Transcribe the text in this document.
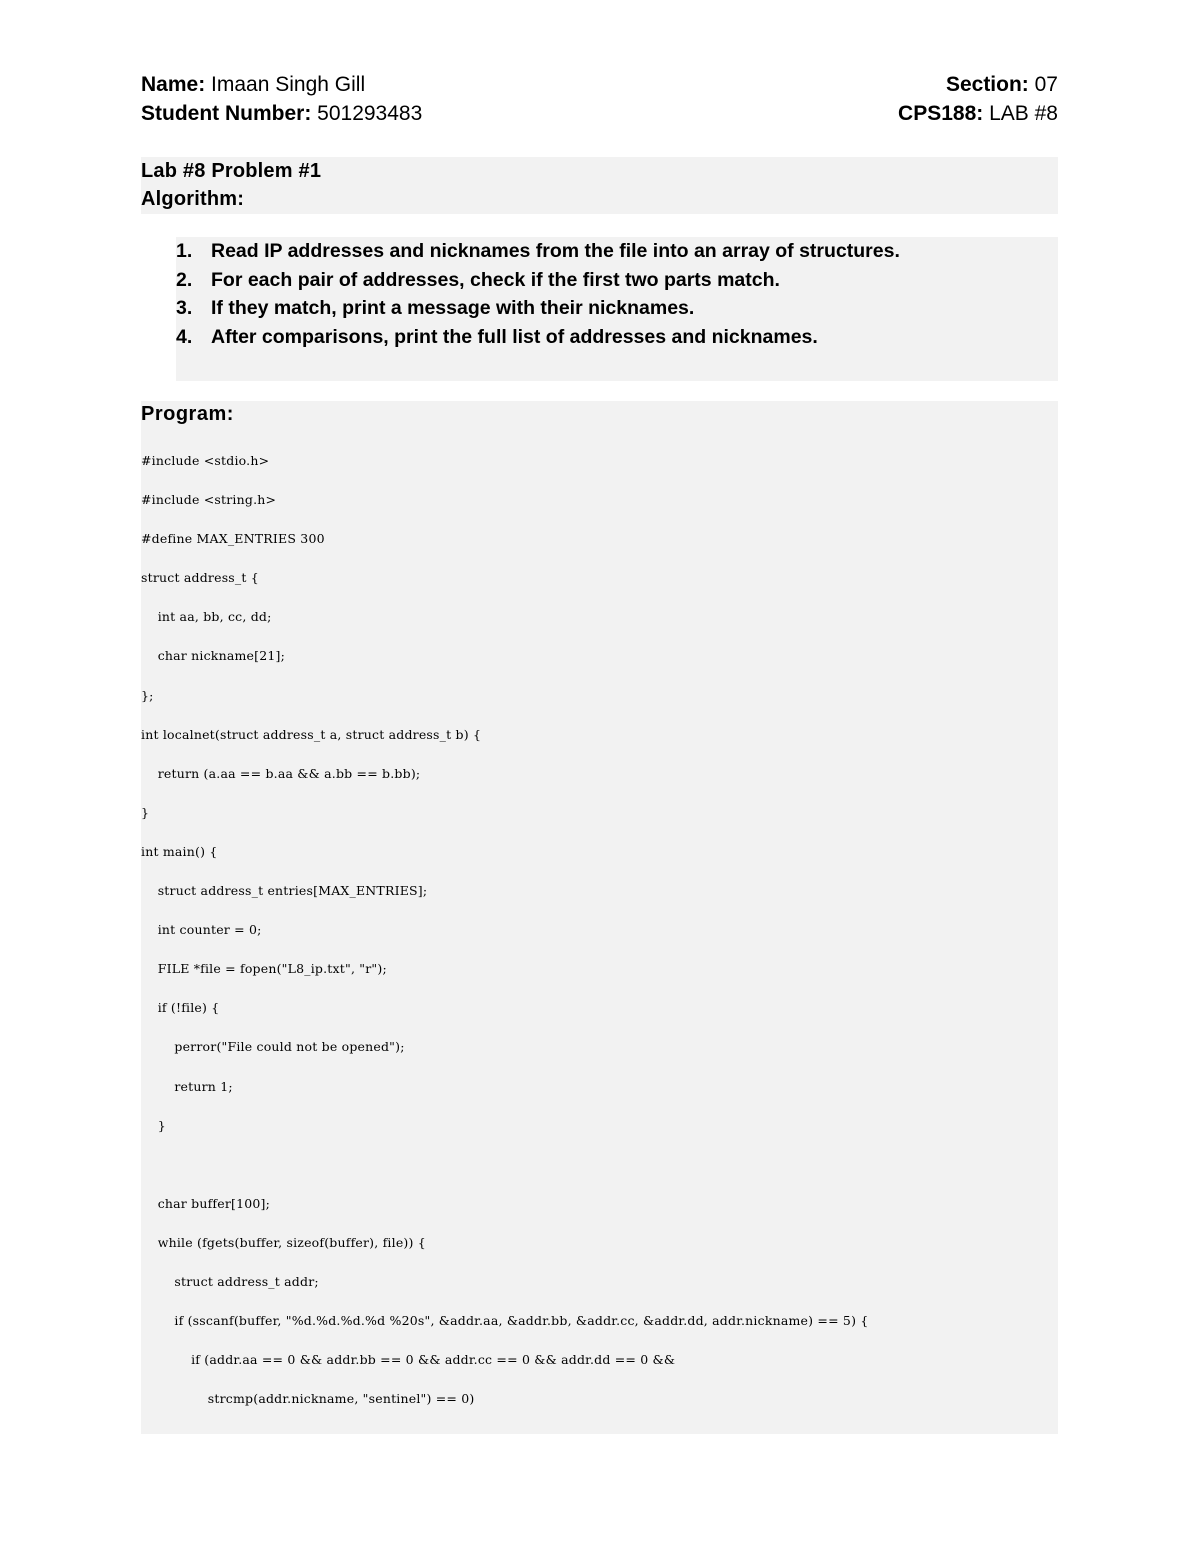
Name: Imaan Singh Gill	Section: 07
Student Number: 501293483	CPS188: LAB #8
Lab #8 Problem #1
Algorithm:
1. Read IP addresses and nicknames from the file into an array of structures.
2. For each pair of addresses, check if the first two parts match.
3. If they match, print a message with their nicknames.
4. After comparisons, print the full list of addresses and nicknames.
Program:
#include <stdio.h>
#include <string.h>
#define MAX_ENTRIES 300
struct address_t {
int aa, bb, cc, dd;
char nickname[21];
};
int localnet(struct address_t a, struct address_t b) {
return (a.aa == b.aa && a.bb == b.bb);
}
int main() {
struct address_t entries[MAX_ENTRIES];
int counter = 0;
FILE *file = fopen("L8_ip.txt", "r");
if (!file) {
perror("File could not be opened");
return 1;
}
char buffer[100];
while (fgets(buffer, sizeof(buffer), file)) {
struct address_t addr;
if (sscanf(buffer, "%d.%d.%d.%d %20s", &addr.aa, &addr.bb, &addr.cc, &addr.dd, addr.nickname) == 5) {
if (addr.aa == 0 && addr.bb == 0 && addr.cc == 0 && addr.dd == 0 &&
strcmp(addr.nickname, "sentinel") == 0)
